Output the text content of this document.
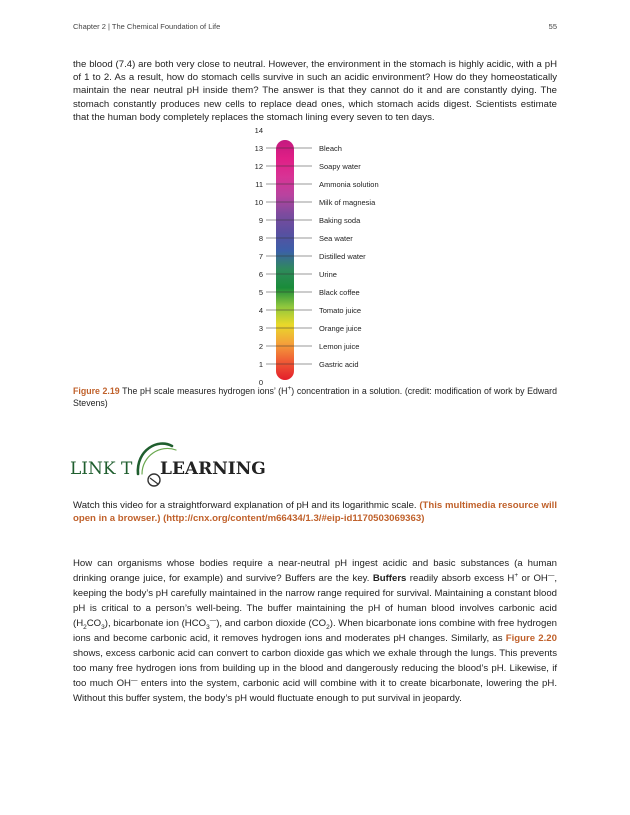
Chapter 2 | The Chemical Foundation of Life	55

the blood (7.4) are both very close to neutral. However, the environment in the stomach is highly acidic, with a pH of 1 to 2. As a result, how do stomach cells survive in such an acidic environment? How do they homeostatically maintain the near neutral pH inside them? The answer is that they cannot do it and are constantly dying. The stomach constantly produces new cells to replace dead ones, which stomach acids digest. Scientists estimate that the human body completely replaces the stomach lining every seven to ten days.

14
13
12
11
10
9
8
7
6
5
4
3
2
1
0
Bleach
Soapy water
Ammonia solution
Milk of magnesia
Baking soda
Sea water
Distilled water
Urine
Black coffee
Tomato juice
Orange juice
Lemon juice
Gastric acid

Figure 2.19 The pH scale measures hydrogen ions’ (H+) concentration in a solution. (credit: modification of work by Edward Stevens)

LINK T LEARNING

Watch this video for a straightforward explanation of pH and its logarithmic scale. (This multimedia resource will open in a browser.) (http://cnx.org/content/m66434/1.3/#eip-id1170503069363)

How can organisms whose bodies require a near-neutral pH ingest acidic and basic substances (a human drinking orange juice, for example) and survive? Buffers are the key. Buffers readily absorb excess H+ or OH—, keeping the body’s pH carefully maintained in the narrow range required for survival. Maintaining a constant blood pH is critical to a person’s well-being. The buffer maintaining the pH of human blood involves carbonic acid $(H_2CO_3)$, bicarbonate ion $(HCO_3^—)$, and carbon dioxide $(CO_2)$. When bicarbonate ions combine with free hydrogen ions and become carbonic acid, it removes hydrogen ions and moderates pH changes. Similarly, as Figure 2.20 shows, excess carbonic acid can convert to carbon dioxide gas which we exhale through the lungs. This prevents too many free hydrogen ions from building up in the blood and dangerously reducing the blood’s pH. Likewise, if too much OH— enters into the system, carbonic acid will combine with it to create bicarbonate, lowering the pH. Without this buffer system, the body’s pH would fluctuate enough to put survival in jeopardy.
